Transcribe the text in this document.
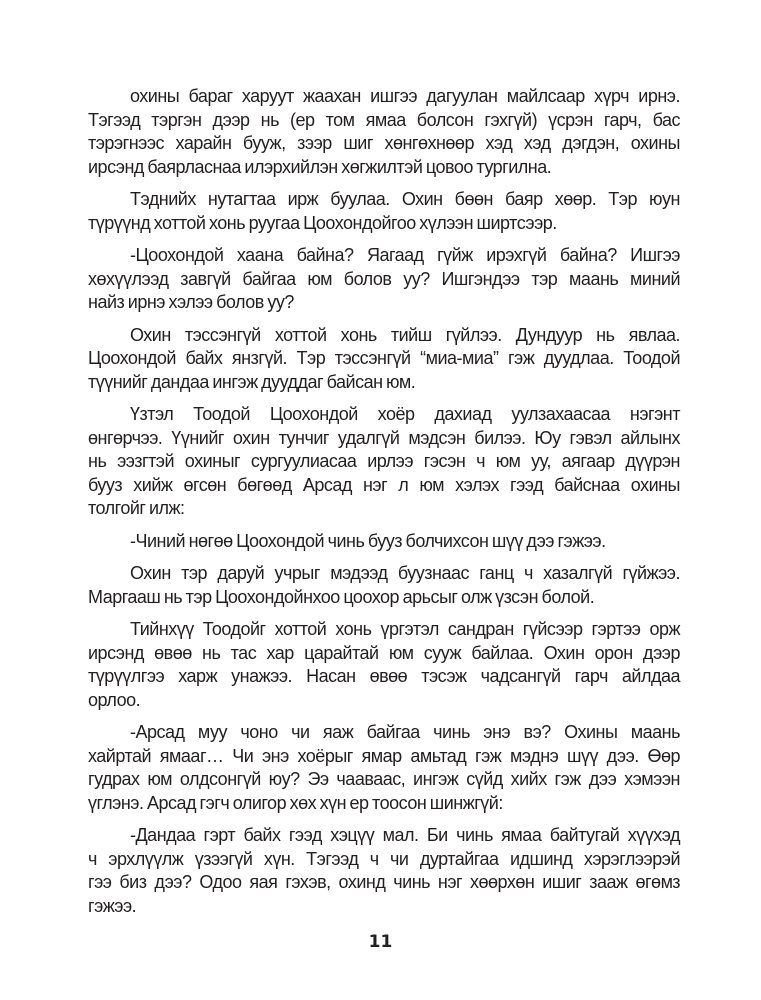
охины бараг харуут жаахан ишгээ дагуулан майлсаар хүрч ирнэ.
Тэгээд тэргэн дээр нь (ер том ямаа болсон гэхгүй) үсрэн гарч, бас
тэрэгнээс харайн бууж, зээр шиг хөнгөхнөөр хэд хэд дэгдэн, охины
ирсэнд баярласнаа илэрхийлэн хөгжилтэй цовоо тургилна.
Тэднийх нутагтаа ирж буулаа. Охин бөөн баяр хөөр. Тэр юун
түрүүнд хоттой хонь руугаа Цоохондойгоо хүлээн ширтсээр.
-Цоохондой хаана байна? Яагаад гүйж ирэхгүй байна? Ишгээ
хөхүүлээд завгүй байгаа юм болов уу? Ишгэндээ тэр маань миний
найз ирнэ хэлээ болов уу?
Охин тэссэнгүй хоттой хонь тийш гүйлээ. Дундуур нь явлаа.
Цоохондой байх янзгүй. Тэр тэссэнгүй “миа-миа” гэж дуудлаа. Тоодой
түүнийг дандаа ингэж дууддаг байсан юм.
Үзтэл Тоодой Цоохондой хоёр дахиад уулзахаасаа нэгэнт
өнгөрчээ. Үүнийг охин тунчиг удалгүй мэдсэн билээ. Юу гэвэл айлынх
нь ээзгтэй охиныг сургуулиасаа ирлээ гэсэн ч юм уу, аягаар дүүрэн
бууз хийж өгсөн бөгөөд Арсад нэг л юм хэлэх гээд байснаа охины
толгойг илж:
-Чиний нөгөө Цоохондой чинь бууз болчихсон шүү дээ гэжээ.
Охин тэр даруй учрыг мэдээд буузнаас ганц ч хазалгүй гүйжээ.
Маргааш нь тэр Цоохондойнхоо цоохор арьсыг олж үзсэн болой.
Тийнхүү Тоодойг хоттой хонь үргэтэл сандран гүйсээр гэртээ орж
ирсэнд өвөө нь тас хар царайтай юм сууж байлаа. Охин орон дээр
түрүүлгээ харж унажээ. Насан өвөө тэсэж чадсангүй гарч айлдаа
орлоо.
-Арсад муу чоно чи яаж байгаа чинь энэ вэ? Охины маань
хайртай ямааг… Чи энэ хоёрыг ямар амьтад гэж мэднэ шүү дээ. Өөр
гудрах юм олдсонгүй юу? Ээ чааваас, ингэж сүйд хийх гэж дээ хэмээн
үглэнэ. Арсад гэгч олигор хөх хүн ер тоосон шинжгүй:
-Дандаа гэрт байх гээд хэцүү мал. Би чинь ямаа байтугай хүүхэд
ч эрхлүүлж үзээгүй хүн. Тэгээд ч чи дуртайгаа идшинд хэрэглээрэй
гээ биз дээ? Одоо яая гэхэв, охинд чинь нэг хөөрхөн ишиг зааж өгөмз
гэжээ.
11
